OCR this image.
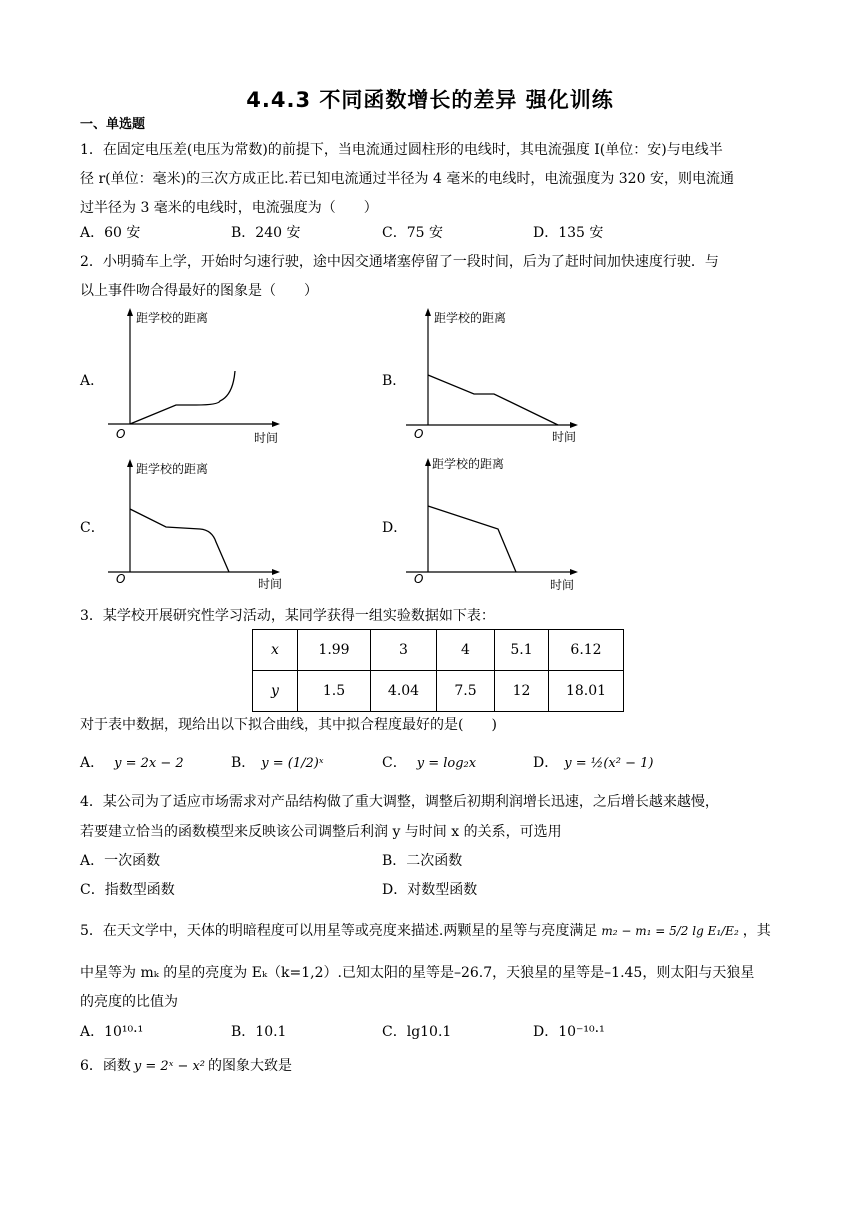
4.4.3 不同函数增长的差异 强化训练
一、单选题
1．在固定电压差(电压为常数)的前提下，当电流通过圆柱形的电线时，其电流强度 I(单位：安)与电线半
径 r(单位：毫米)的三次方成正比.若已知电流通过半径为 4 毫米的电线时，电流强度为 320 安，则电流通
过半径为 3 毫米的电线时，电流强度为（　　）
A．60 安	B．240 安	C．75 安	D．135 安
2．小明骑车上学，开始时匀速行驶，途中因交通堵塞停留了一段时间，后为了赶时间加快速度行驶．与
以上事件吻合得最好的图象是（　　）
A．	B．
C．	D．
距学校的距离
时间
O
距学校的距离
时间
O
距学校的距离
时间
O
距学校的距离
时间
O
3．某学校开展研究性学习活动，某同学获得一组实验数据如下表：
x	1.99	3	4	5.1	6.12
y	1.5	4.04	7.5	12	18.01
对于表中数据，现给出以下拟合曲线，其中拟合程度最好的是(　　)
A． y = 2x − 2	B． y = (1/2)ˣ	C． y = log₂x	D． y = ½(x² − 1)
4．某公司为了适应市场需求对产品结构做了重大调整，调整后初期利润增长迅速，之后增长越来越慢，
若要建立恰当的函数模型来反映该公司调整后利润 y 与时间 x 的关系，可选用
A．一次函数	B．二次函数
C．指数型函数	D．对数型函数
5．在天文学中，天体的明暗程度可以用星等或亮度来描述.两颗星的星等与亮度满足 m₂ − m₁ = 5/2 lg E₁/E₂ ，其
中星等为 mₖ 的星的亮度为 Eₖ（k=1,2）.已知太阳的星等是–26.7，天狼星的星等是–1.45，则太阳与天狼星
的亮度的比值为
A．10¹⁰·¹	B．10.1	C．lg10.1	D．10⁻¹⁰·¹
6．函数 y = 2ˣ − x² 的图象大致是
